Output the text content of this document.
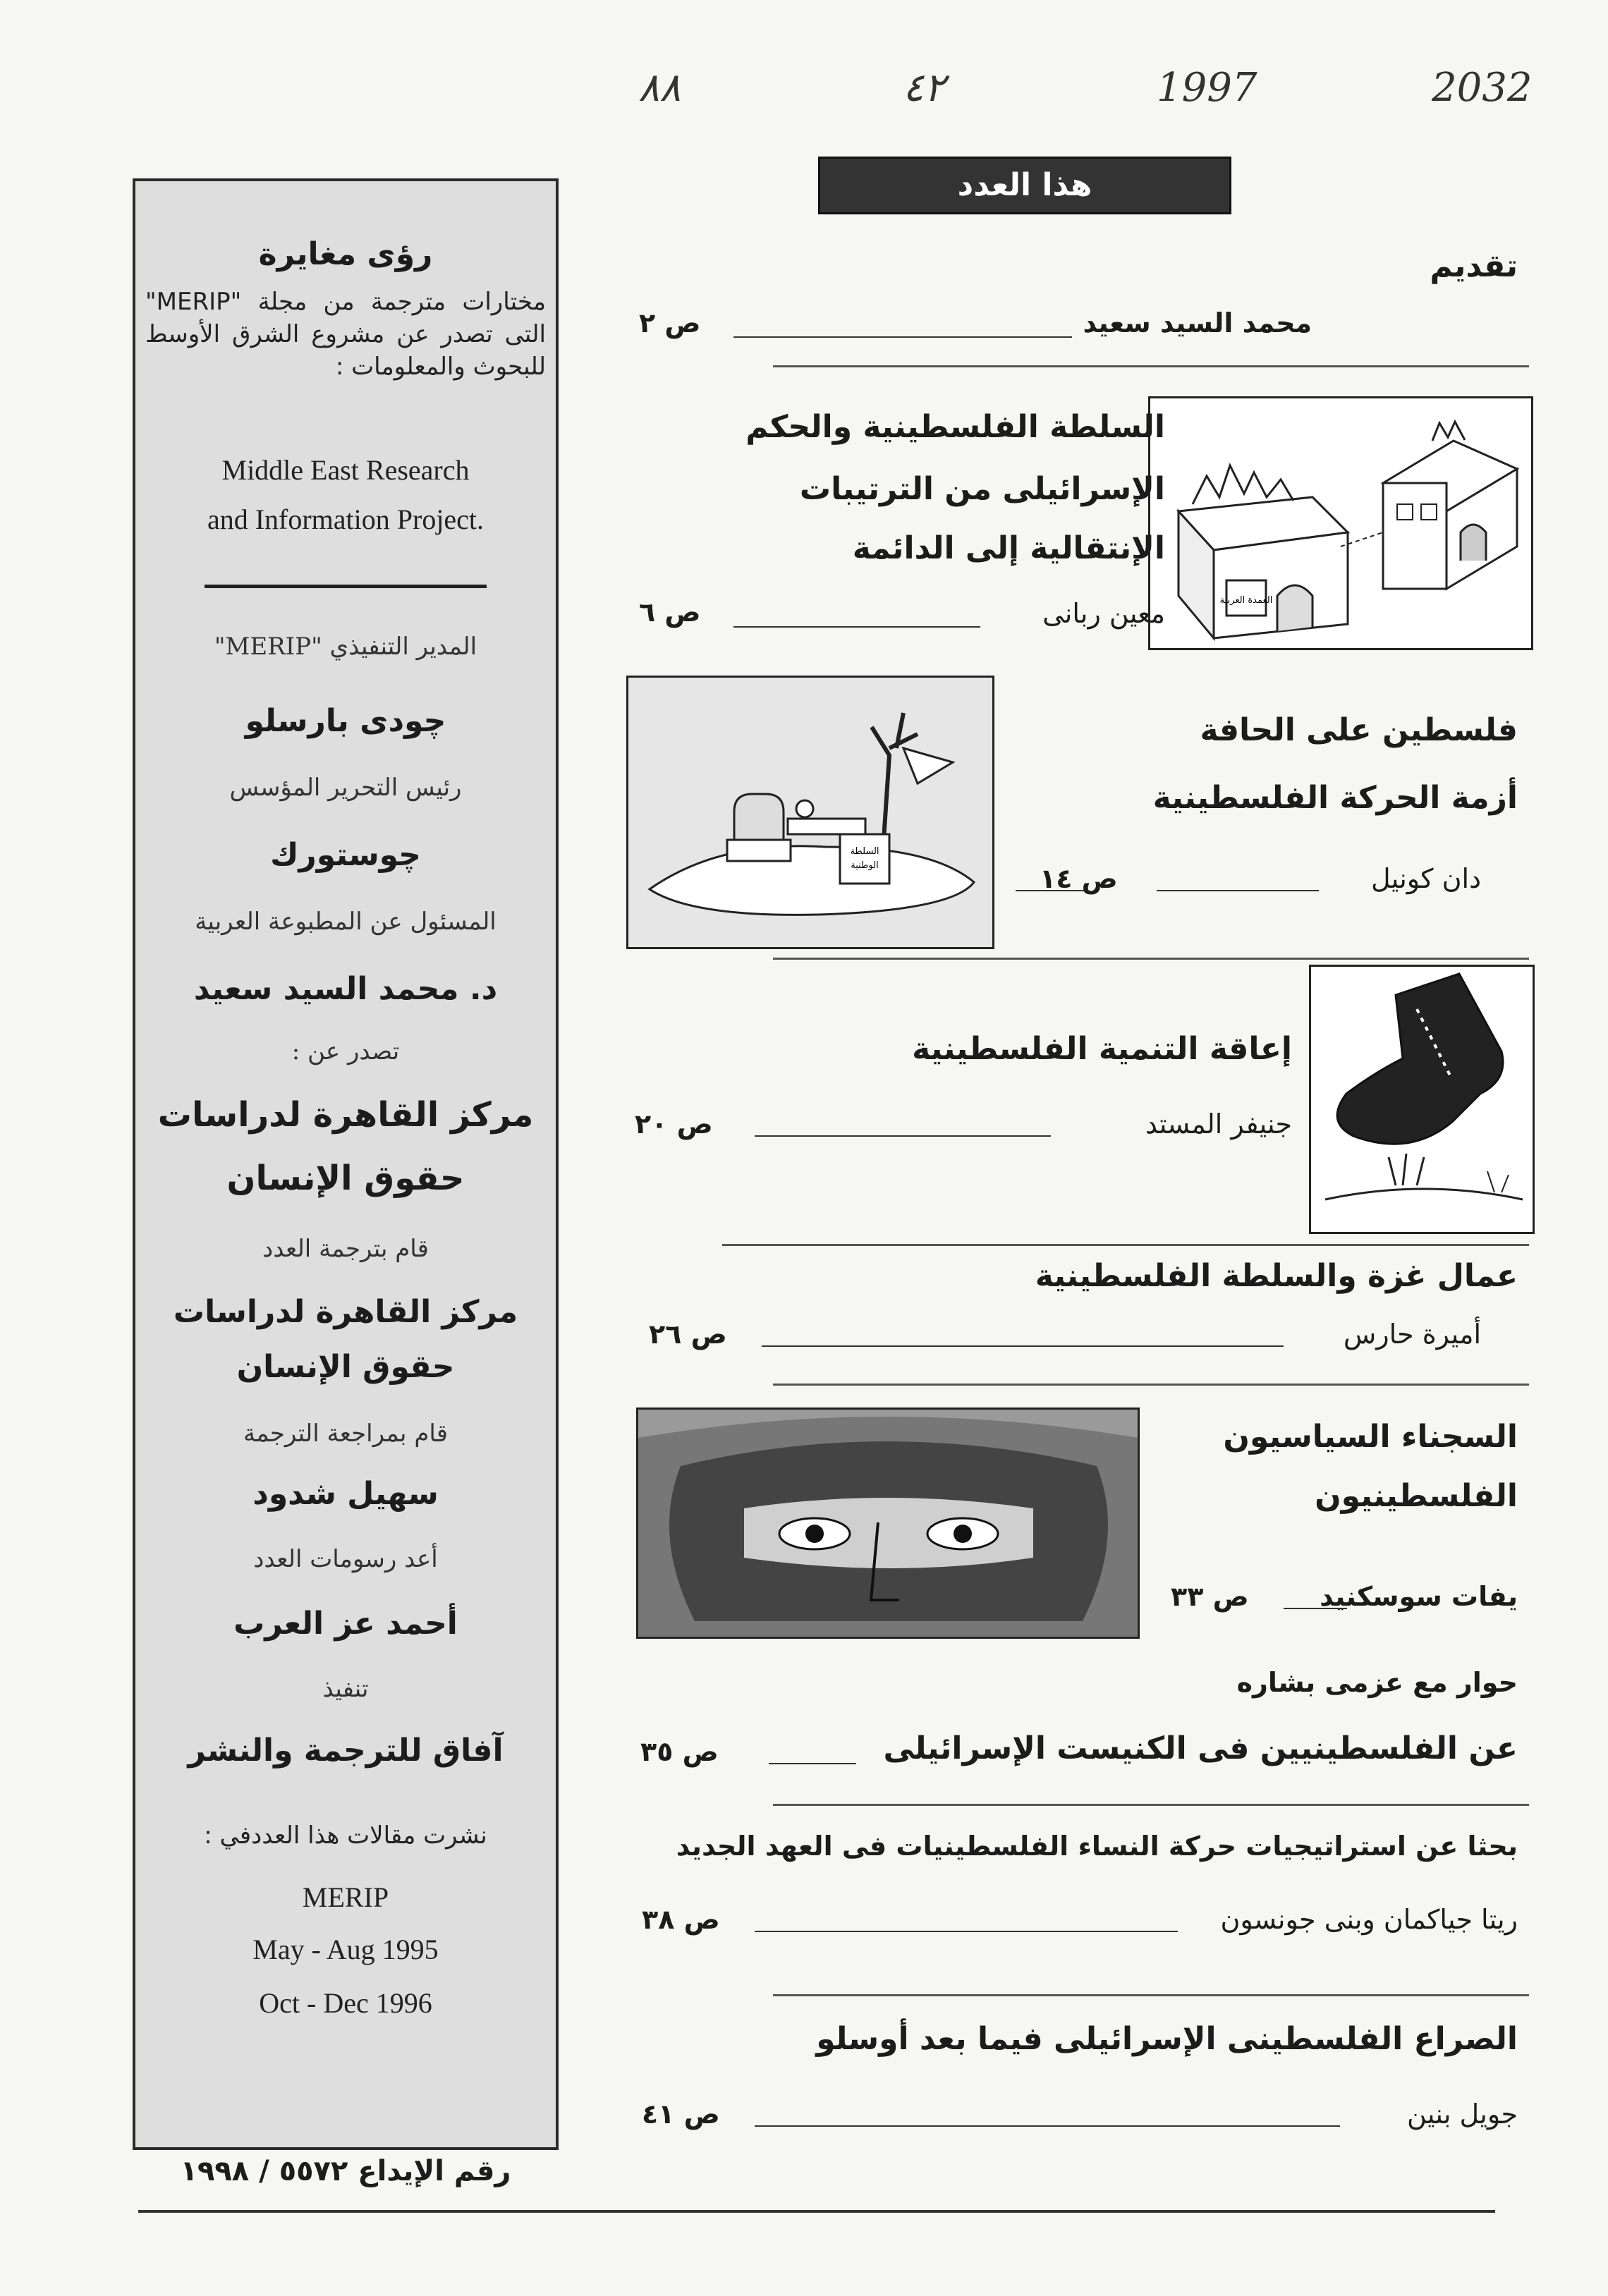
2032
1997
٤٢
٨٨
هذا العدد
رؤى مغايرة
مختارات مترجمة من مجلة "MERIP" التى تصدر عن مشروع الشرق الأوسط للبحوث والمعلومات :
Middle East Research
and Information Project.
المدير التنفيذي "MERIP"
چودى بارسلو
رئيس التحرير المؤسس
چوستورك
المسئول عن المطبوعة العربية
د. محمد السيد سعيد
تصدر عن :
مركز القاهرة لدراسات
حقوق الإنسان
قام بترجمة العدد
مركز القاهرة لدراسات
حقوق الإنسان
قام بمراجعة الترجمة
سهيل شدود
أعد رسومات العدد
أحمد عز العرب
تنفيذ
آفاق للترجمة والنشر
نشرت مقالات هذا العددفي :
MERIP
May - Aug 1995
Oct - Dec 1996
رقم الإيداع ٥٥٧٢ / ١٩٩٨
تقديم
محمد السيد سعيد
ص ٢
العمدة العربية
السلطة الفلسطينية والحكم
الإسرائيلى من الترتيبات
الإنتقالية إلى الدائمة
معين ربانى
ص ٦
السلطة
الوطنية
فلسطين على الحافة
أزمة الحركة الفلسطينية
دان كونيل
ص ١٤
إعاقة التنمية الفلسطينية
جنيفر المستد
ص ٢٠
عمال غزة والسلطة الفلسطينية
أميرة حارس
ص ٢٦
السجناء السياسيون
الفلسطينيون
يفات سوسكنيد
ص ٣٣
حوار مع عزمى بشاره
عن الفلسطينيين فى الكنيست الإسرائيلى
ص ٣٥
بحثا عن استراتيجيات حركة النساء الفلسطينيات فى العهد الجديد
ريتا جياكمان وبنى جونسون
ص ٣٨
الصراع الفلسطينى الإسرائيلى فيما بعد أوسلو
جويل بنين
ص ٤١
